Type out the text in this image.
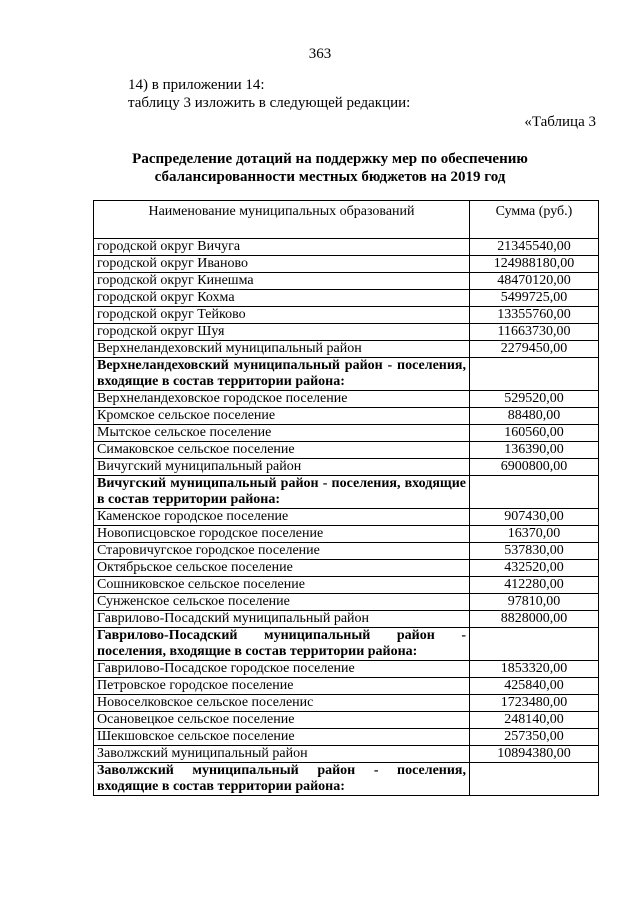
363
14) в приложении 14:
таблицу 3 изложить в следующей редакции:
«Таблица 3
Распределение дотаций на поддержку мер по обеспечению
сбалансированности местных бюджетов на 2019 год
Наименование муниципальных образований	Сумма (руб.)
городской округ Вичуга	21345540,00
городской округ Иваново	124988180,00
городской округ Кинешма	48470120,00
городской округ Кохма	5499725,00
городской округ Тейково	13355760,00
городской округ Шуя	11663730,00
Верхнеландеховский муниципальный район	2279450,00
Верхнеландеховский муниципальный район - поселения, входящие в состав территории района:	
Верхнеландеховское городское поселение	529520,00
Кромское сельское поселение	88480,00
Мытское сельское поселение	160560,00
Симаковское сельское поселение	136390,00
Вичугский муниципальный район	6900800,00
Вичугский муниципальный район - поселения, входящие в состав территории района:	
Каменское городское поселение	907430,00
Новописцовское городское поселение	16370,00
Старовичугское городское поселение	537830,00
Октябрьское сельское поселение	432520,00
Сошниковское сельское поселение	412280,00
Сунженское сельское поселение	97810,00
Гаврилово-Посадский муниципальный район	8828000,00
Гаврилово-Посадский муниципальный район - поселения, входящие в состав территории района:	
Гаврилово-Посадское городское поселение	1853320,00
Петровское городское поселение	425840,00
Новоселковское сельское поселенис	1723480,00
Осановецкое сельское поселение	248140,00
Шекшовское сельское поселение	257350,00
Заволжский муниципальный район	10894380,00
Заволжский муниципальный район - поселения, входящие в состав территории района:	
